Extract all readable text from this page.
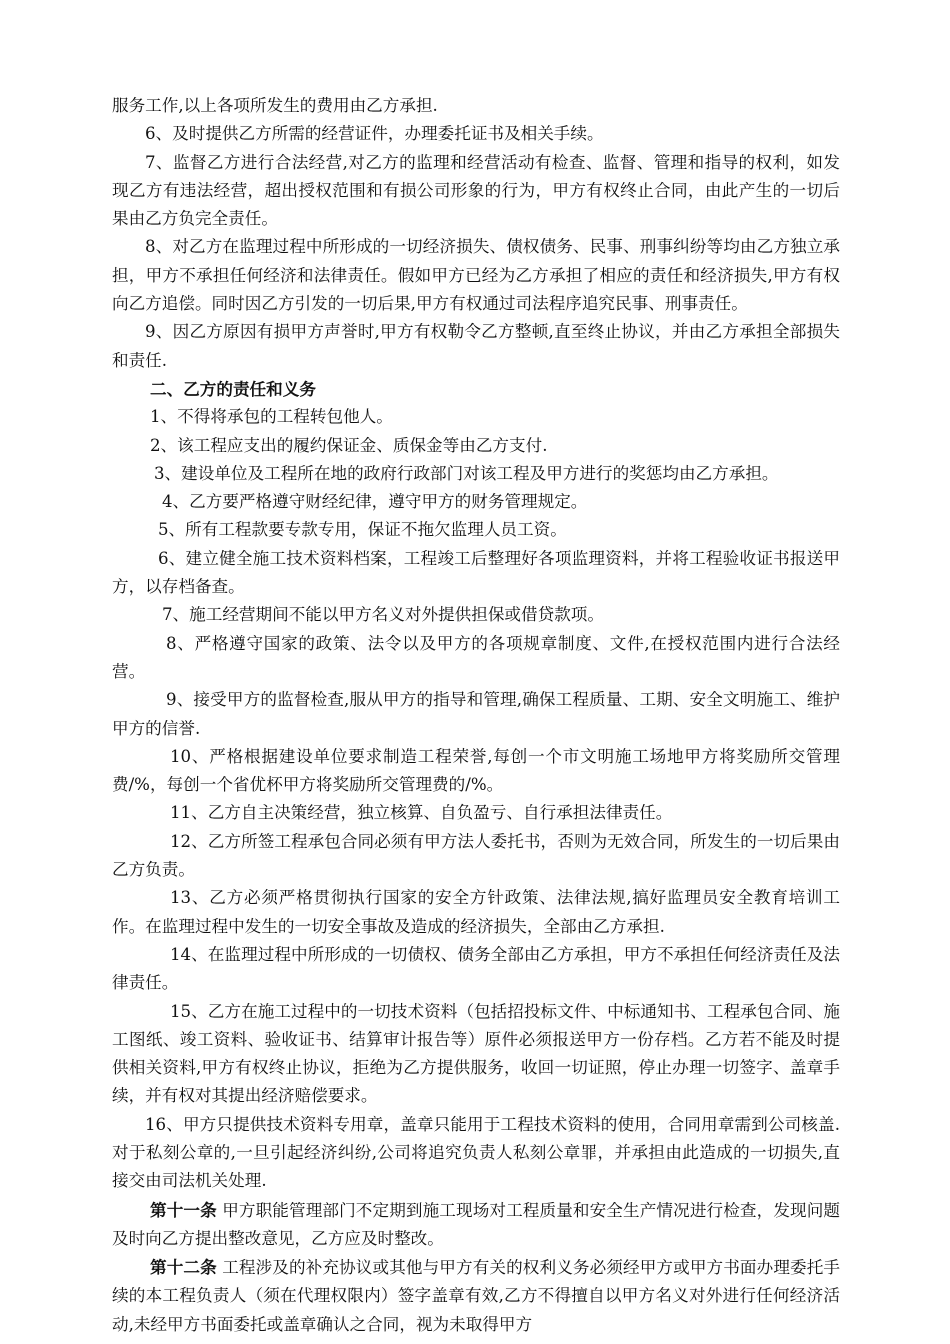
服务工作,以上各项所发生的费用由乙方承担.

6、及时提供乙方所需的经营证件，办理委托证书及相关手续。

7、监督乙方进行合法经营,对乙方的监理和经营活动有检查、监督、管理和指导的权利，如发现乙方有违法经营，超出授权范围和有损公司形象的行为，甲方有权终止合同，由此产生的一切后果由乙方负完全责任。

8、对乙方在监理过程中所形成的一切经济损失、债权债务、民事、刑事纠纷等均由乙方独立承担，甲方不承担任何经济和法律责任。假如甲方已经为乙方承担了相应的责任和经济损失,甲方有权向乙方追偿。同时因乙方引发的一切后果,甲方有权通过司法程序追究民事、刑事责任。

9、因乙方原因有损甲方声誉时,甲方有权勒令乙方整顿,直至终止协议，并由乙方承担全部损失和责任.

二、乙方的责任和义务

1、不得将承包的工程转包他人。

2、该工程应支出的履约保证金、质保金等由乙方支付.

3、建设单位及工程所在地的政府行政部门对该工程及甲方进行的奖惩均由乙方承担。

4、乙方要严格遵守财经纪律，遵守甲方的财务管理规定。

5、所有工程款要专款专用，保证不拖欠监理人员工资。

6、建立健全施工技术资料档案，工程竣工后整理好各项监理资料，并将工程验收证书报送甲方，以存档备查。

7、施工经营期间不能以甲方名义对外提供担保或借贷款项。

8、严格遵守国家的政策、法令以及甲方的各项规章制度、文件,在授权范围内进行合法经营。

9、接受甲方的监督检查,服从甲方的指导和管理,确保工程质量、工期、安全文明施工、维护甲方的信誉.

10、严格根据建设单位要求制造工程荣誉,每创一个市文明施工场地甲方将奖励所交管理费/%，每创一个省优杯甲方将奖励所交管理费的/%。

11、乙方自主决策经营，独立核算、自负盈亏、自行承担法律责任。

12、乙方所签工程承包合同必须有甲方法人委托书，否则为无效合同，所发生的一切后果由乙方负责。

13、乙方必须严格贯彻执行国家的安全方针政策、法律法规,搞好监理员安全教育培训工作。在监理过程中发生的一切安全事故及造成的经济损失，全部由乙方承担.

14、在监理过程中所形成的一切债权、债务全部由乙方承担，甲方不承担任何经济责任及法律责任。

15、乙方在施工过程中的一切技术资料（包括招投标文件、中标通知书、工程承包合同、施工图纸、竣工资料、验收证书、结算审计报告等）原件必须报送甲方一份存档。乙方若不能及时提供相关资料,甲方有权终止协议，拒绝为乙方提供服务，收回一切证照，停止办理一切签字、盖章手续，并有权对其提出经济赔偿要求。

16、甲方只提供技术资料专用章，盖章只能用于工程技术资料的使用，合同用章需到公司核盖.对于私刻公章的,一旦引起经济纠纷,公司将追究负责人私刻公章罪，并承担由此造成的一切损失,直接交由司法机关处理.

第十一条 甲方职能管理部门不定期到施工现场对工程质量和安全生产情况进行检查，发现问题及时向乙方提出整改意见，乙方应及时整改。

第十二条 工程涉及的补充协议或其他与甲方有关的权利义务必须经甲方或甲方书面办理委托手续的本工程负责人（须在代理权限内）签字盖章有效,乙方不得擅自以甲方名义对外进行任何经济活动,未经甲方书面委托或盖章确认之合同，视为未取得甲方
